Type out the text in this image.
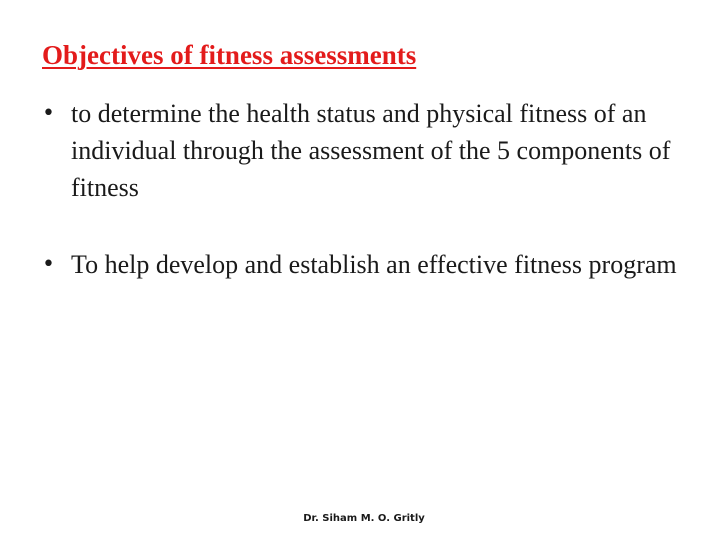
Objectives of fitness assessments
• to determine the health status and physical fitness of an individual through the assessment of the 5 components of fitness
• To help develop and establish an effective fitness program
Dr. Siham M. O. Gritly
